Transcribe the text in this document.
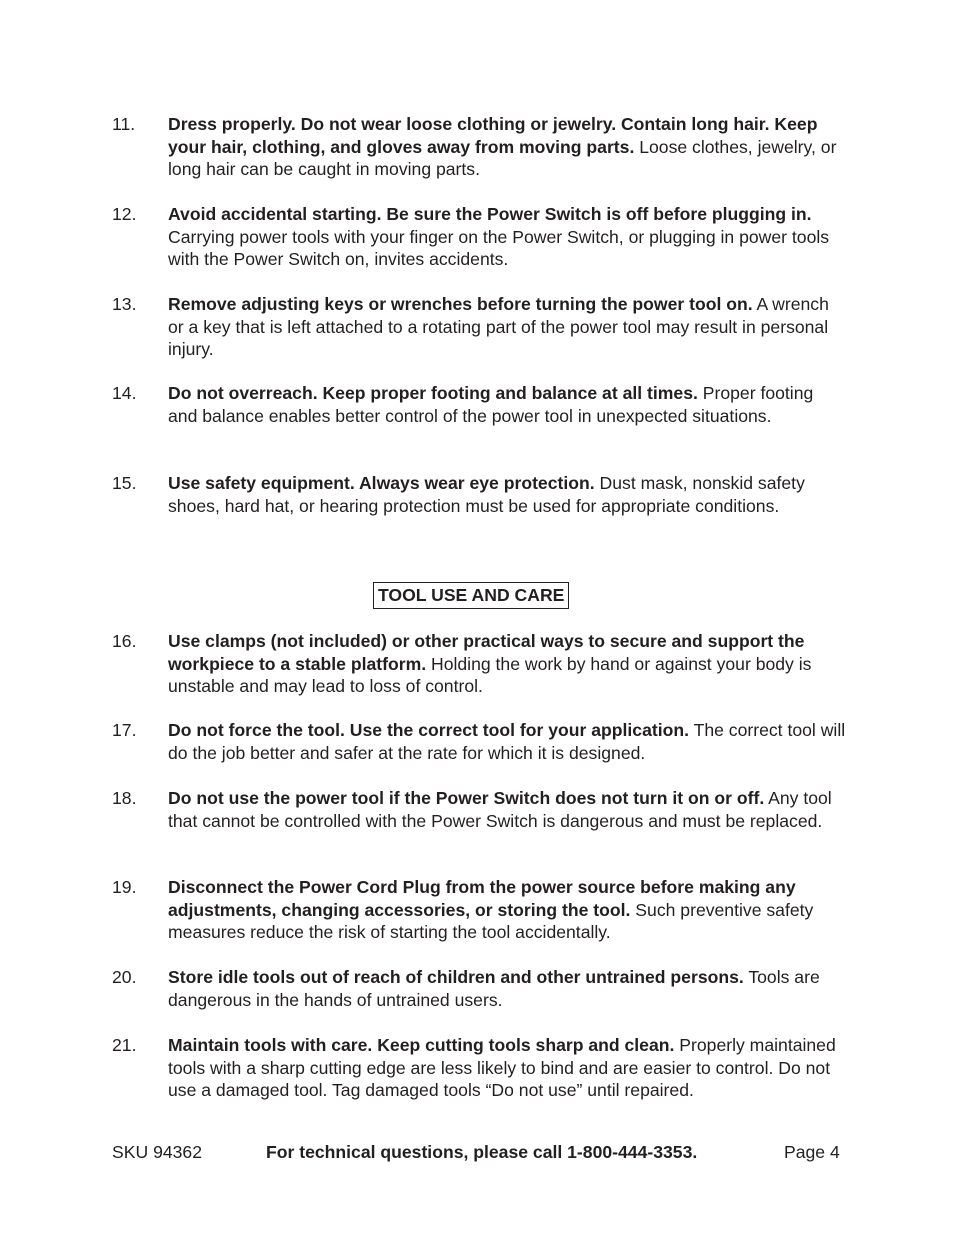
11. Dress properly. Do not wear loose clothing or jewelry. Contain long hair. Keep your hair, clothing, and gloves away from moving parts. Loose clothes, jewelry, or long hair can be caught in moving parts.
12. Avoid accidental starting. Be sure the Power Switch is off before plugging in. Carrying power tools with your finger on the Power Switch, or plugging in power tools with the Power Switch on, invites accidents.
13. Remove adjusting keys or wrenches before turning the power tool on. A wrench or a key that is left attached to a rotating part of the power tool may result in personal injury.
14. Do not overreach. Keep proper footing and balance at all times. Proper footing and balance enables better control of the power tool in unexpected situations.
15. Use safety equipment. Always wear eye protection. Dust mask, nonskid safety shoes, hard hat, or hearing protection must be used for appropriate conditions.
TOOL USE AND CARE
16. Use clamps (not included) or other practical ways to secure and support the workpiece to a stable platform. Holding the work by hand or against your body is unstable and may lead to loss of control.
17. Do not force the tool. Use the correct tool for your application. The correct tool will do the job better and safer at the rate for which it is designed.
18. Do not use the power tool if the Power Switch does not turn it on or off. Any tool that cannot be controlled with the Power Switch is dangerous and must be replaced.
19. Disconnect the Power Cord Plug from the power source before making any adjustments, changing accessories, or storing the tool. Such preventive safety measures reduce the risk of starting the tool accidentally.
20. Store idle tools out of reach of children and other untrained persons. Tools are dangerous in the hands of untrained users.
21. Maintain tools with care. Keep cutting tools sharp and clean. Properly maintained tools with a sharp cutting edge are less likely to bind and are easier to control. Do not use a damaged tool. Tag damaged tools “Do not use” until repaired.
SKU 94362	For technical questions, please call 1-800-444-3353.	Page 4
